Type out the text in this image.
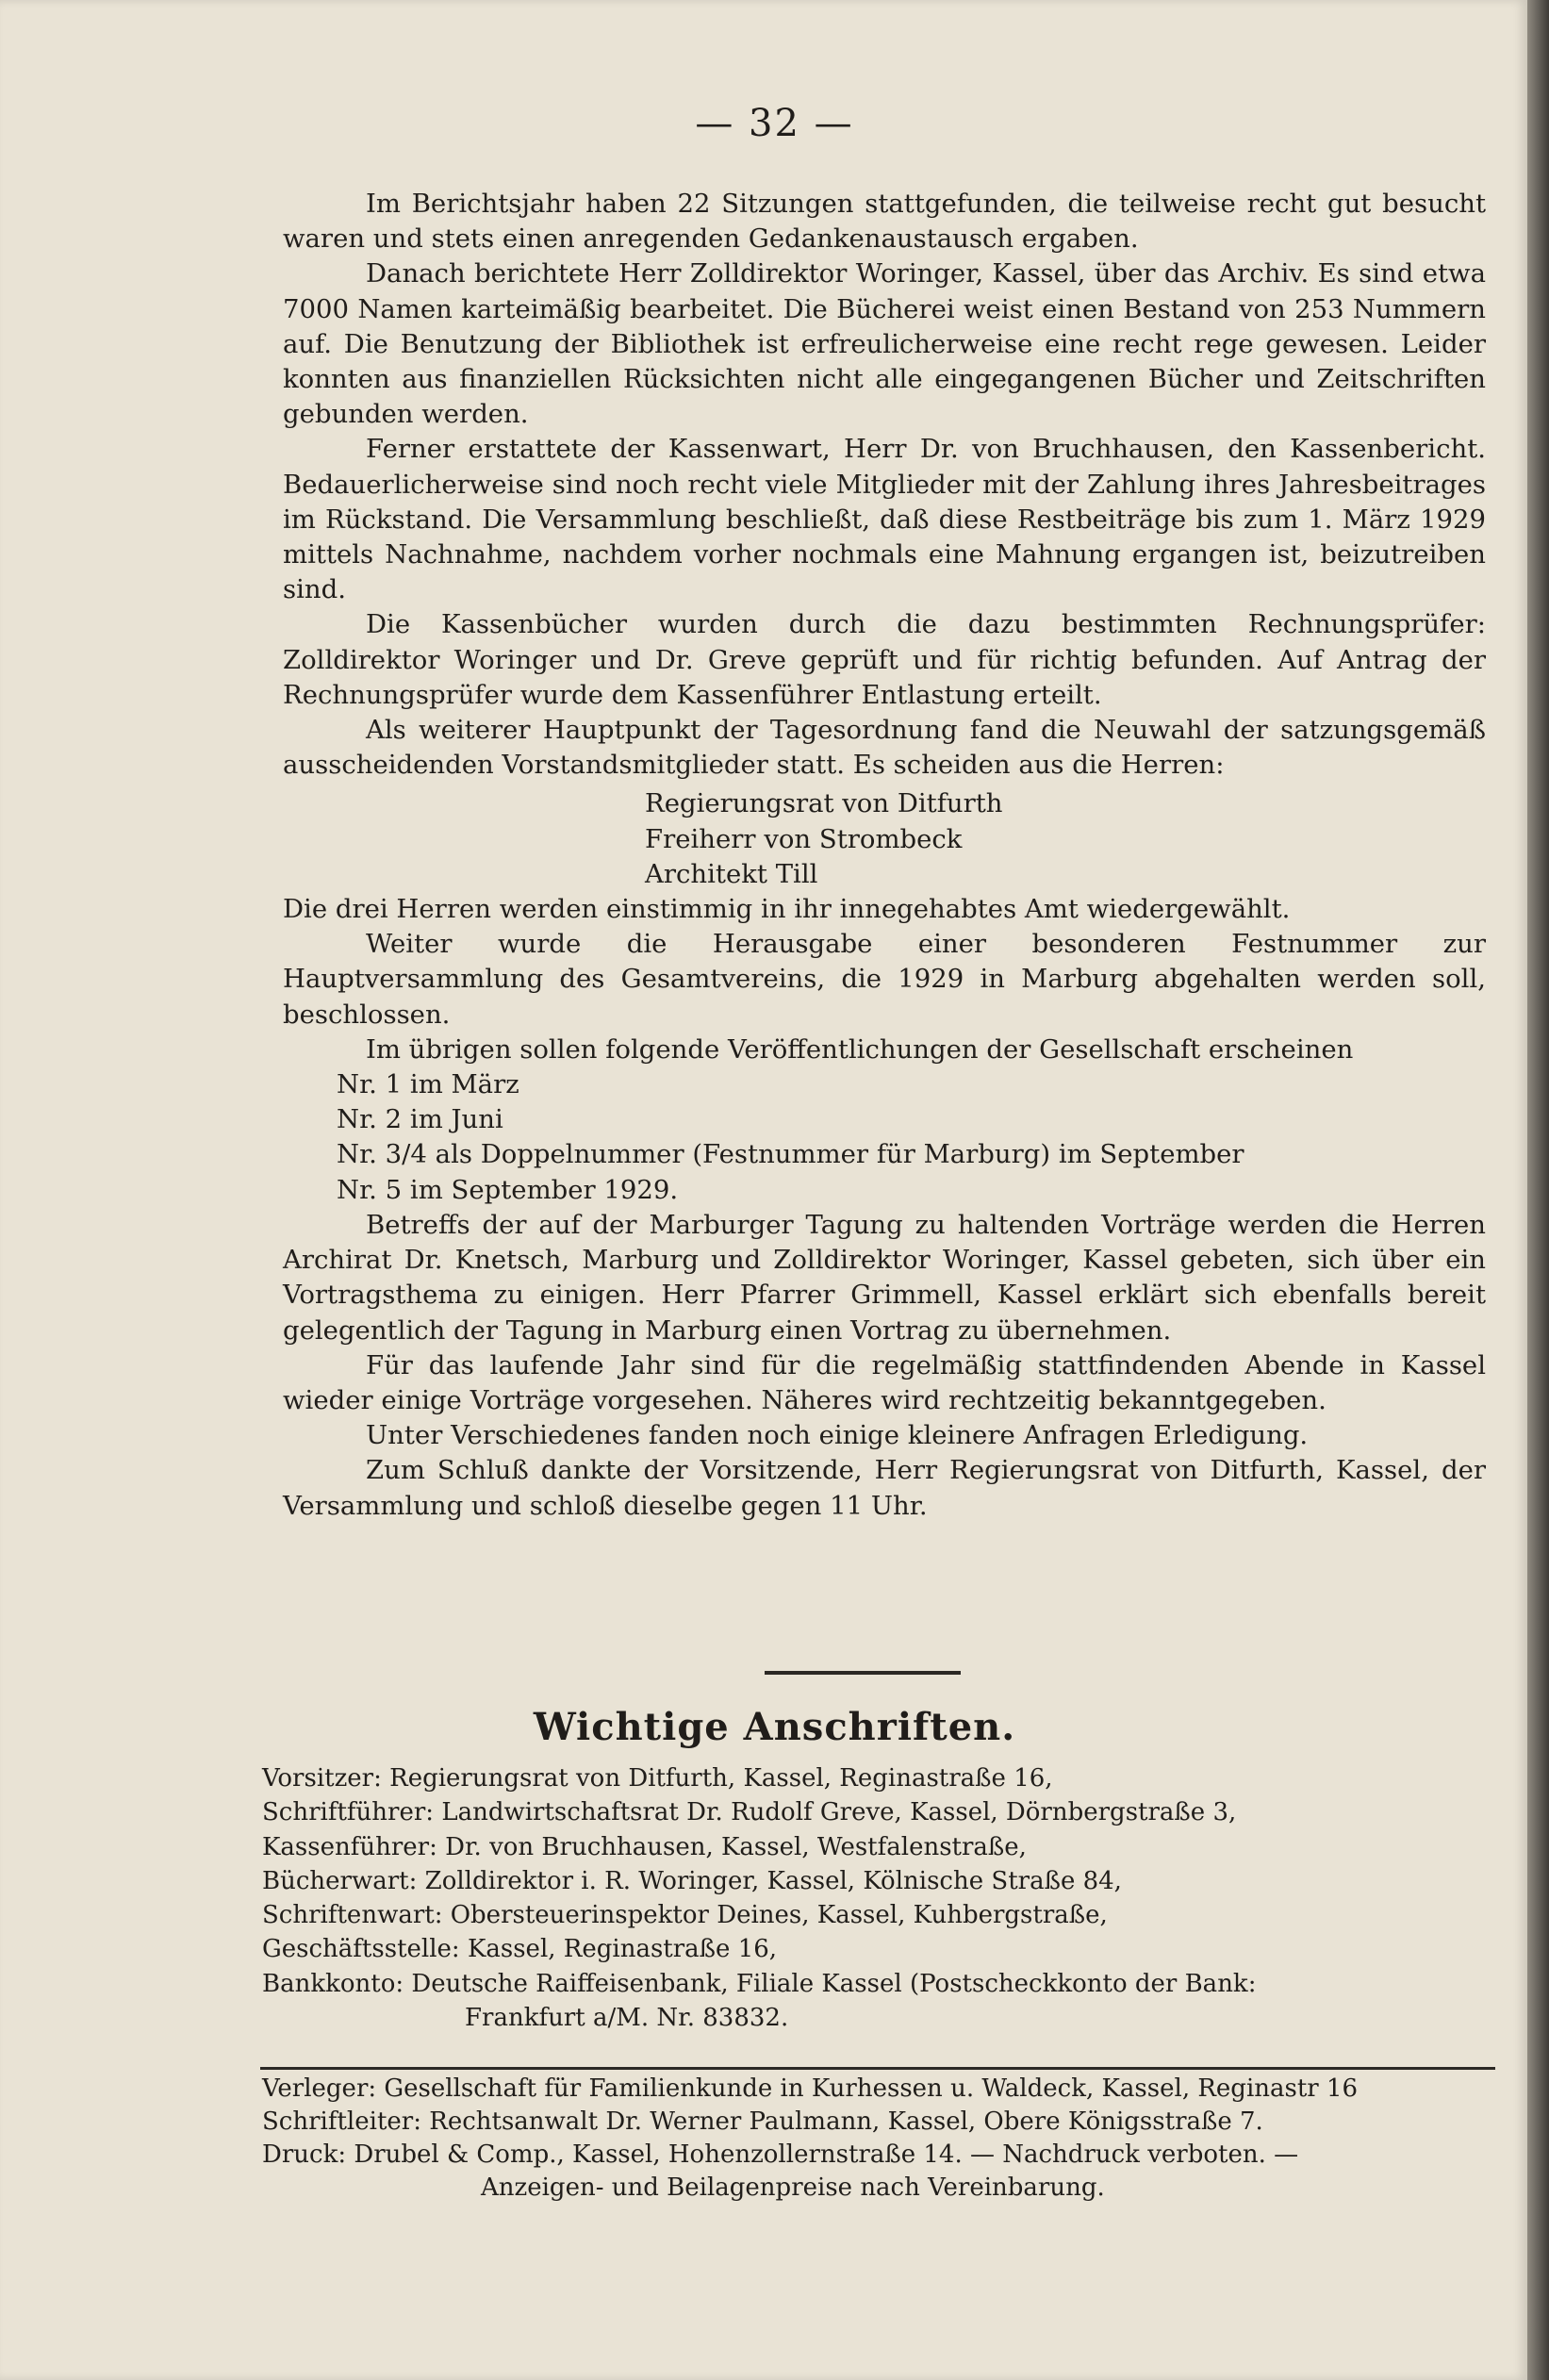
— 32 —

Im Berichtsjahr haben 22 Sitzungen stattgefunden, die teilweise recht gut besucht waren und stets einen anregenden Gedankenaustausch ergaben.

Danach berichtete Herr Zolldirektor Woringer, Kassel, über das Archiv. Es sind etwa 7000 Namen karteimäßig bearbeitet. Die Bücherei weist einen Bestand von 253 Nummern auf. Die Benutzung der Bibliothek ist erfreulicherweise eine recht rege gewesen. Leider konnten aus finanziellen Rücksichten nicht alle eingegangenen Bücher und Zeitschriften gebunden werden.

Ferner erstattete der Kassenwart, Herr Dr. von Bruchhausen, den Kassenbericht. Bedauerlicherweise sind noch recht viele Mitglieder mit der Zahlung ihres Jahresbeitrages im Rückstand. Die Versammlung beschließt, daß diese Restbeiträge bis zum 1. März 1929 mittels Nachnahme, nachdem vorher nochmals eine Mahnung ergangen ist, beizutreiben sind.

Die Kassenbücher wurden durch die dazu bestimmten Rechnungsprüfer: Zolldirektor Woringer und Dr. Greve geprüft und für richtig befunden. Auf Antrag der Rechnungsprüfer wurde dem Kassenführer Entlastung erteilt.

Als weiterer Hauptpunkt der Tagesordnung fand die Neuwahl der satzungsgemäß ausscheidenden Vorstandsmitglieder statt. Es scheiden aus die Herren:

Regierungsrat von Ditfurth
Freiherr von Strombeck
Architekt Till

Die drei Herren werden einstimmig in ihr innegehabtes Amt wiedergewählt.

Weiter wurde die Herausgabe einer besonderen Festnummer zur Hauptversammlung des Gesamtvereins, die 1929 in Marburg abgehalten werden soll, beschlossen.

Im übrigen sollen folgende Veröffentlichungen der Gesellschaft erscheinen

Nr. 1 im März
Nr. 2 im Juni
Nr. 3/4 als Doppelnummer (Festnummer für Marburg) im September
Nr. 5 im September 1929.

Betreffs der auf der Marburger Tagung zu haltenden Vorträge werden die Herren Archirat Dr. Knetsch, Marburg und Zolldirektor Woringer, Kassel gebeten, sich über ein Vortragsthema zu einigen. Herr Pfarrer Grimmell, Kassel erklärt sich ebenfalls bereit gelegentlich der Tagung in Marburg einen Vortrag zu übernehmen.

Für das laufende Jahr sind für die regelmäßig stattfindenden Abende in Kassel wieder einige Vorträge vorgesehen. Näheres wird rechtzeitig bekanntgegeben.

Unter Verschiedenes fanden noch einige kleinere Anfragen Erledigung.

Zum Schluß dankte der Vorsitzende, Herr Regierungsrat von Ditfurth, Kassel, der Versammlung und schloß dieselbe gegen 11 Uhr.

Wichtige Anschriften.
Vorsitzer: Regierungsrat von Ditfurth, Kassel, Reginastraße 16,
Schriftführer: Landwirtschaftsrat Dr. Rudolf Greve, Kassel, Dörnbergstraße 3,
Kassenführer: Dr. von Bruchhausen, Kassel, Westfalenstraße,
Bücherwart: Zolldirektor i. R. Woringer, Kassel, Kölnische Straße 84,
Schriftenwart: Obersteuerinspektor Deines, Kassel, Kuhbergstraße,
Geschäftsstelle: Kassel, Reginastraße 16,
Bankkonto: Deutsche Raiffeisenbank, Filiale Kassel (Postscheckkonto der Bank:
Frankfurt a/M. Nr. 83832.
Verleger: Gesellschaft für Familienkunde in Kurhessen u. Waldeck, Kassel, Reginastr 16
Schriftleiter: Rechtsanwalt Dr. Werner Paulmann, Kassel, Obere Königsstraße 7.
Druck: Drubel & Comp., Kassel, Hohenzollernstraße 14. — Nachdruck verboten. —
Anzeigen- und Beilagenpreise nach Vereinbarung.
